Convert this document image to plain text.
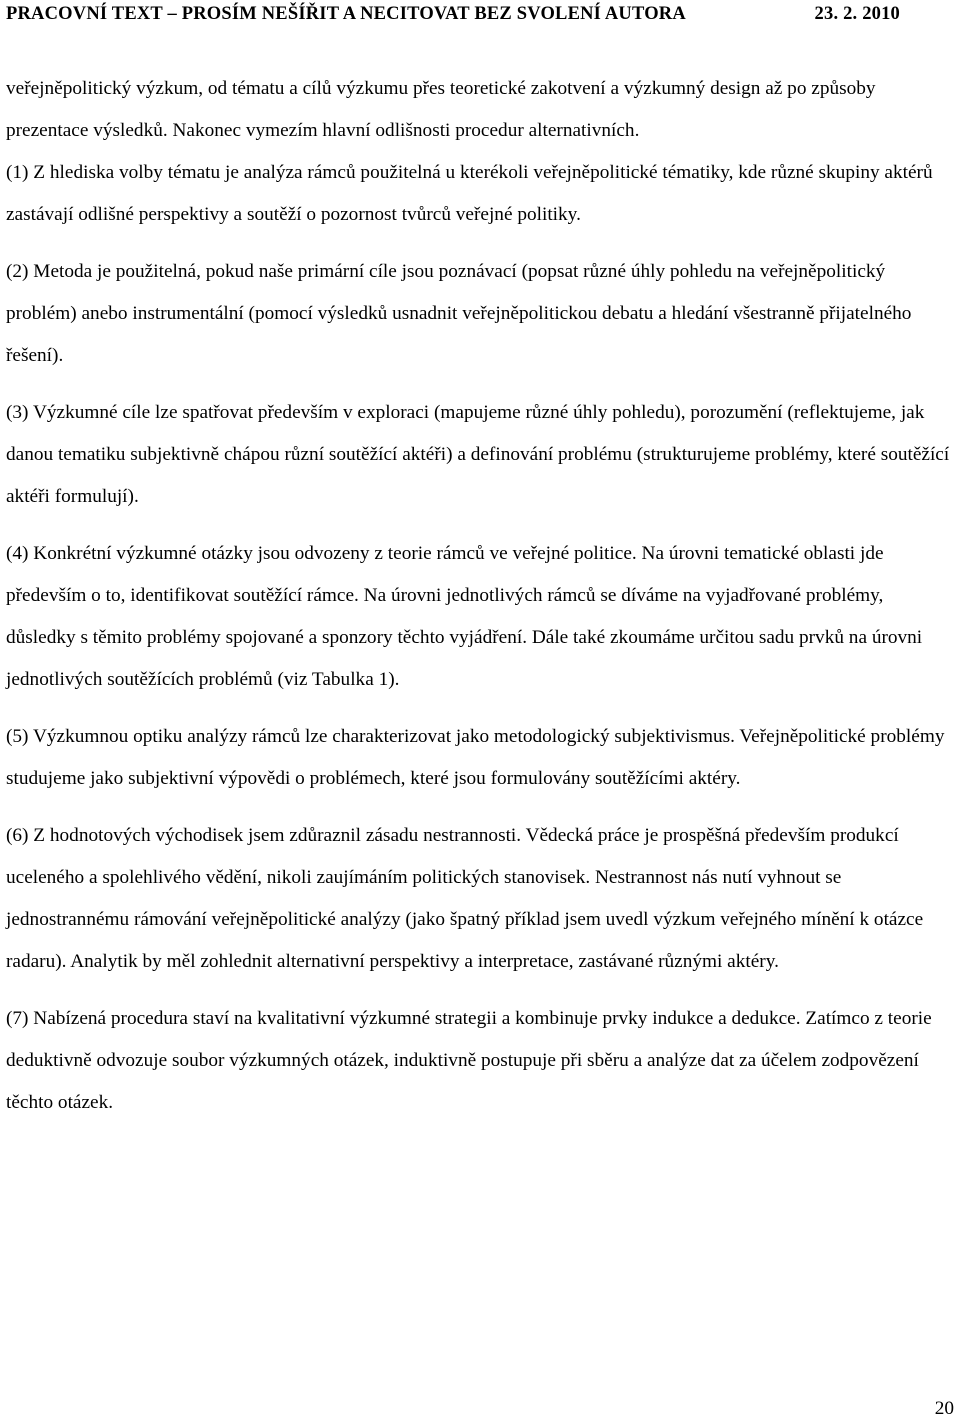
PRACOVNÍ TEXT – PROSÍM NEŠÍŘIT A NECITOVAT BEZ SVOLENÍ AUTORA	23. 2. 2010

veřejněpolitický výzkum, od tématu a cílů výzkumu přes teoretické zakotvení a výzkumný design až po způsoby prezentace výsledků. Nakonec vymezím hlavní odlišnosti procedur alternativních.

(1) Z hlediska volby tématu je analýza rámců použitelná u kterékoli veřejněpolitické tématiky, kde různé skupiny aktérů zastávají odlišné perspektivy a soutěží o pozornost tvůrců veřejné politiky.

(2) Metoda je použitelná, pokud naše primární cíle jsou poznávací (popsat různé úhly pohledu na veřejněpolitický problém) anebo instrumentální (pomocí výsledků usnadnit veřejněpolitickou debatu a hledání všestranně přijatelného řešení).

(3) Výzkumné cíle lze spatřovat především v exploraci (mapujeme různé úhly pohledu), porozumění (reflektujeme, jak danou tematiku subjektivně chápou různí soutěžící aktéři) a definování problému (strukturujeme problémy, které soutěžící aktéři formulují).

(4) Konkrétní výzkumné otázky jsou odvozeny z teorie rámců ve veřejné politice. Na úrovni tematické oblasti jde především o to, identifikovat soutěžící rámce. Na úrovni jednotlivých rámců se díváme na vyjadřované problémy, důsledky s těmito problémy spojované a sponzory těchto vyjádření. Dále také zkoumáme určitou sadu prvků na úrovni jednotlivých soutěžících problémů (viz Tabulka 1).

(5) Výzkumnou optiku analýzy rámců lze charakterizovat jako metodologický subjektivismus. Veřejněpolitické problémy studujeme jako subjektivní výpovědi o problémech, které jsou formulovány soutěžícími aktéry.

(6) Z hodnotových východisek jsem zdůraznil zásadu nestrannosti. Vědecká práce je prospěšná především produkcí uceleného a spolehlivého vědění, nikoli zaujímáním politických stanovisek. Nestrannost nás nutí vyhnout se jednostrannému rámování veřejněpolitické analýzy (jako špatný příklad jsem uvedl výzkum veřejného mínění k otázce radaru). Analytik by měl zohlednit alternativní perspektivy a interpretace, zastávané různými aktéry.

(7) Nabízená procedura staví na kvalitativní výzkumné strategii a kombinuje prvky indukce a dedukce. Zatímco z teorie deduktivně odvozuje soubor výzkumných otázek, induktivně postupuje při sběru a analýze dat za účelem zodpovězení těchto otázek.

20
